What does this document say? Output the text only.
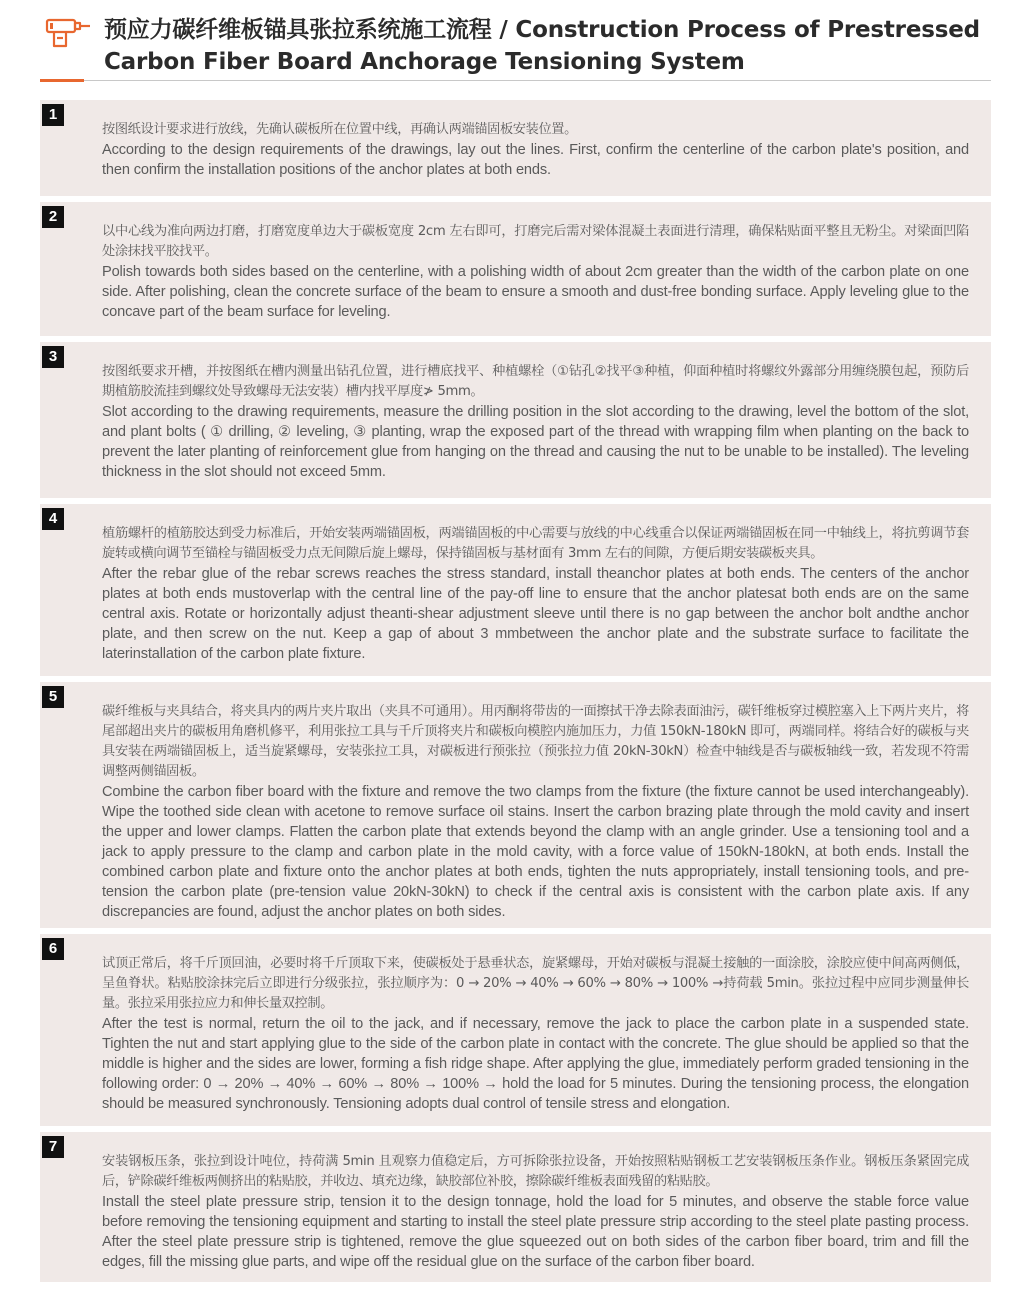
预应力碳纤维板锚具张拉系统施工流程 / Construction Process of Prestressed
Carbon Fiber Board Anchorage Tensioning System
1
按图纸设计要求进行放线，先确认碳板所在位置中线，再确认两端锚固板安装位置。
According to the design requirements of the drawings, lay out the lines. First, confirm the centerline of the carbon plate's position, and then confirm the installation positions of the anchor plates at both ends.
2
以中心线为准向两边打磨，打磨宽度单边大于碳板宽度 2cm 左右即可，打磨完后需对梁体混凝土表面进行清理，确保粘贴面平整且无粉尘。对梁面凹陷处涂抹找平胶找平。
Polish towards both sides based on the centerline, with a polishing width of about 2cm greater than the width of the carbon plate on one side. After polishing, clean the concrete surface of the beam to ensure a smooth and dust-free bonding surface. Apply leveling glue to the concave part of the beam surface for leveling.
3
按图纸要求开槽，并按图纸在槽内测量出钻孔位置，进行槽底找平、种植螺栓（①钻孔②找平③种植，仰面种植时将螺纹外露部分用缠绕膜包起，预防后期植筋胶流挂到螺纹处导致螺母无法安装）槽内找平厚度≯ 5mm。
Slot according to the drawing requirements, measure the drilling position in the slot according to the drawing, level the bottom of the slot, and plant bolts ( ① drilling, ② leveling, ③ planting, wrap the exposed part of the thread with wrapping film when planting on the back to prevent the later planting of reinforcement glue from hanging on the thread and causing the nut to be unable to be installed). The leveling thickness in the slot should not exceed 5mm.
4
植筋螺杆的植筋胶达到受力标准后，开始安装两端锚固板，两端锚固板的中心需要与放线的中心线重合以保证两端锚固板在同一中轴线上，将抗剪调节套旋转或横向调节至锚栓与锚固板受力点无间隙后旋上螺母，保持锚固板与基材面有 3mm 左右的间隙，方便后期安装碳板夹具。
After the rebar glue of the rebar screws reaches the stress standard, install theanchor plates at both ends. The centers of the anchor plates at both ends mustoverlap with the central line of the pay-off line to ensure that the anchor platesat both ends are on the same central axis. Rotate or horizontally adjust theanti-shear adjustment sleeve until there is no gap between the anchor bolt andthe anchor plate, and then screw on the nut. Keep a gap of about 3 mmbetween the anchor plate and the substrate surface to facilitate the laterinstallation of the carbon plate fixture.
5
碳纤维板与夹具结合，将夹具内的两片夹片取出（夹具不可通用）。用丙酮将带齿的一面擦拭干净去除表面油污，碳钎维板穿过模腔塞入上下两片夹片，将尾部超出夹片的碳板用角磨机修平，利用张拉工具与千斤顶将夹片和碳板向模腔内施加压力，力值 150kN-180kN 即可，两端同样。将结合好的碳板与夹具安装在两端锚固板上，适当旋紧螺母，安装张拉工具，对碳板进行预张拉（预张拉力值 20kN-30kN）检查中轴线是否与碳板轴线一致，若发现不符需调整两侧锚固板。
Combine the carbon fiber board with the fixture and remove the two clamps from the fixture (the fixture cannot be used interchangeably). Wipe the toothed side clean with acetone to remove surface oil stains. Insert the carbon brazing plate through the mold cavity and insert the upper and lower clamps. Flatten the carbon plate that extends beyond the clamp with an angle grinder. Use a tensioning tool and a jack to apply pressure to the clamp and carbon plate in the mold cavity, with a force value of 150kN-180kN, at both ends. Install the combined carbon plate and fixture onto the anchor plates at both ends, tighten the nuts appropriately, install tensioning tools, and pre-tension the carbon plate (pre-tension value 20kN-30kN) to check if the central axis is consistent with the carbon plate axis. If any discrepancies are found, adjust the anchor plates on both sides.
6
试顶正常后，将千斤顶回油，必要时将千斤顶取下来，使碳板处于悬垂状态，旋紧螺母，开始对碳板与混凝土接触的一面涂胶，涂胶应使中间高两侧低，呈鱼脊状。粘贴胶涂抹完后立即进行分级张拉，张拉顺序为：0 → 20% → 40% → 60% → 80% → 100% →持荷载 5min。张拉过程中应同步测量伸长量。张拉采用张拉应力和伸长量双控制。
After the test is normal, return the oil to the jack, and if necessary, remove the jack to place the carbon plate in a suspended state. Tighten the nut and start applying glue to the side of the carbon plate in contact with the concrete. The glue should be applied so that the middle is higher and the sides are lower, forming a fish ridge shape. After applying the glue, immediately perform graded tensioning in the following order: 0 → 20% → 40% → 60% → 80% → 100% → hold the load for 5 minutes. During the tensioning process, the elongation should be measured synchronously. Tensioning adopts dual control of tensile stress and elongation.
7
安装钢板压条，张拉到设计吨位，持荷满 5min 且观察力值稳定后，方可拆除张拉设备，开始按照粘贴钢板工艺安装钢板压条作业。钢板压条紧固完成后，铲除碳纤维板两侧挤出的粘贴胶，并收边、填充边缘，缺胶部位补胶，擦除碳纤维板表面残留的粘贴胶。
Install the steel plate pressure strip, tension it to the design tonnage, hold the load for 5 minutes, and observe the stable force value before removing the tensioning equipment and starting to install the steel plate pressure strip according to the steel plate pasting process. After the steel plate pressure strip is tightened, remove the glue squeezed out on both sides of the carbon fiber board, trim and fill the edges, fill the missing glue parts, and wipe off the residual glue on the surface of the carbon fiber board.
